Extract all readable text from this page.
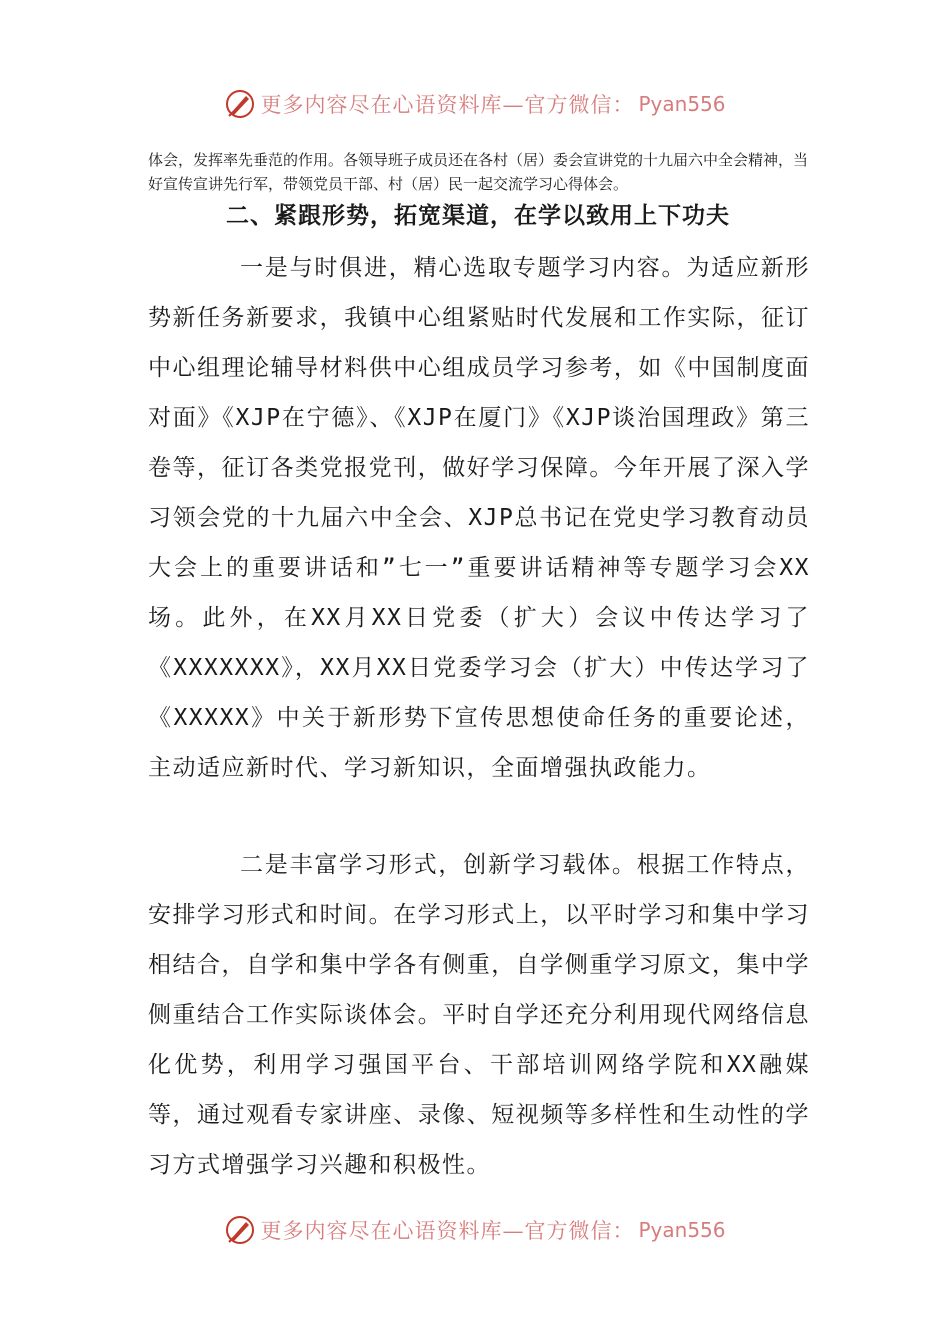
更多内容尽在心语资料库—官方微信： Pyan556

体会，发挥率先垂范的作用。各领导班子成员还在各村（居）委会宣讲党的十九届六中全会精神，当好宣传宣讲先行军，带领党员干部、村（居）民一起交流学习心得体会。

二、紧跟形势，拓宽渠道，在学以致用上下功夫

一是与时俱进，精心选取专题学习内容。为适应新形势新任务新要求，我镇中心组紧贴时代发展和工作实际，征订中心组理论辅导材料供中心组成员学习参考，如《中国制度面对面》《XJP在宁德》、《XJP在厦门》《XJP谈治国理政》第三卷等，征订各类党报党刊，做好学习保障。今年开展了深入学习领会党的十九届六中全会、XJP总书记在党史学习教育动员大会上的重要讲话和”七一”重要讲话精神等专题学习会XX场。此外，在XX月XX日党委（扩大）会议中传达学习了《XXXXXXX》，XX月XX日党委学习会（扩大）中传达学习了《XXXXX》中关于新形势下宣传思想使命任务的重要论述，主动适应新时代、学习新知识，全面增强执政能力。

二是丰富学习形式，创新学习载体。根据工作特点，安排学习形式和时间。在学习形式上，以平时学习和集中学习相结合，自学和集中学各有侧重，自学侧重学习原文，集中学侧重结合工作实际谈体会。平时自学还充分利用现代网络信息化优势，利用学习强国平台、干部培训网络学院和XX融媒等，通过观看专家讲座、录像、短视频等多样性和生动性的学习方式增强学习兴趣和积极性。

更多内容尽在心语资料库—官方微信： Pyan556
